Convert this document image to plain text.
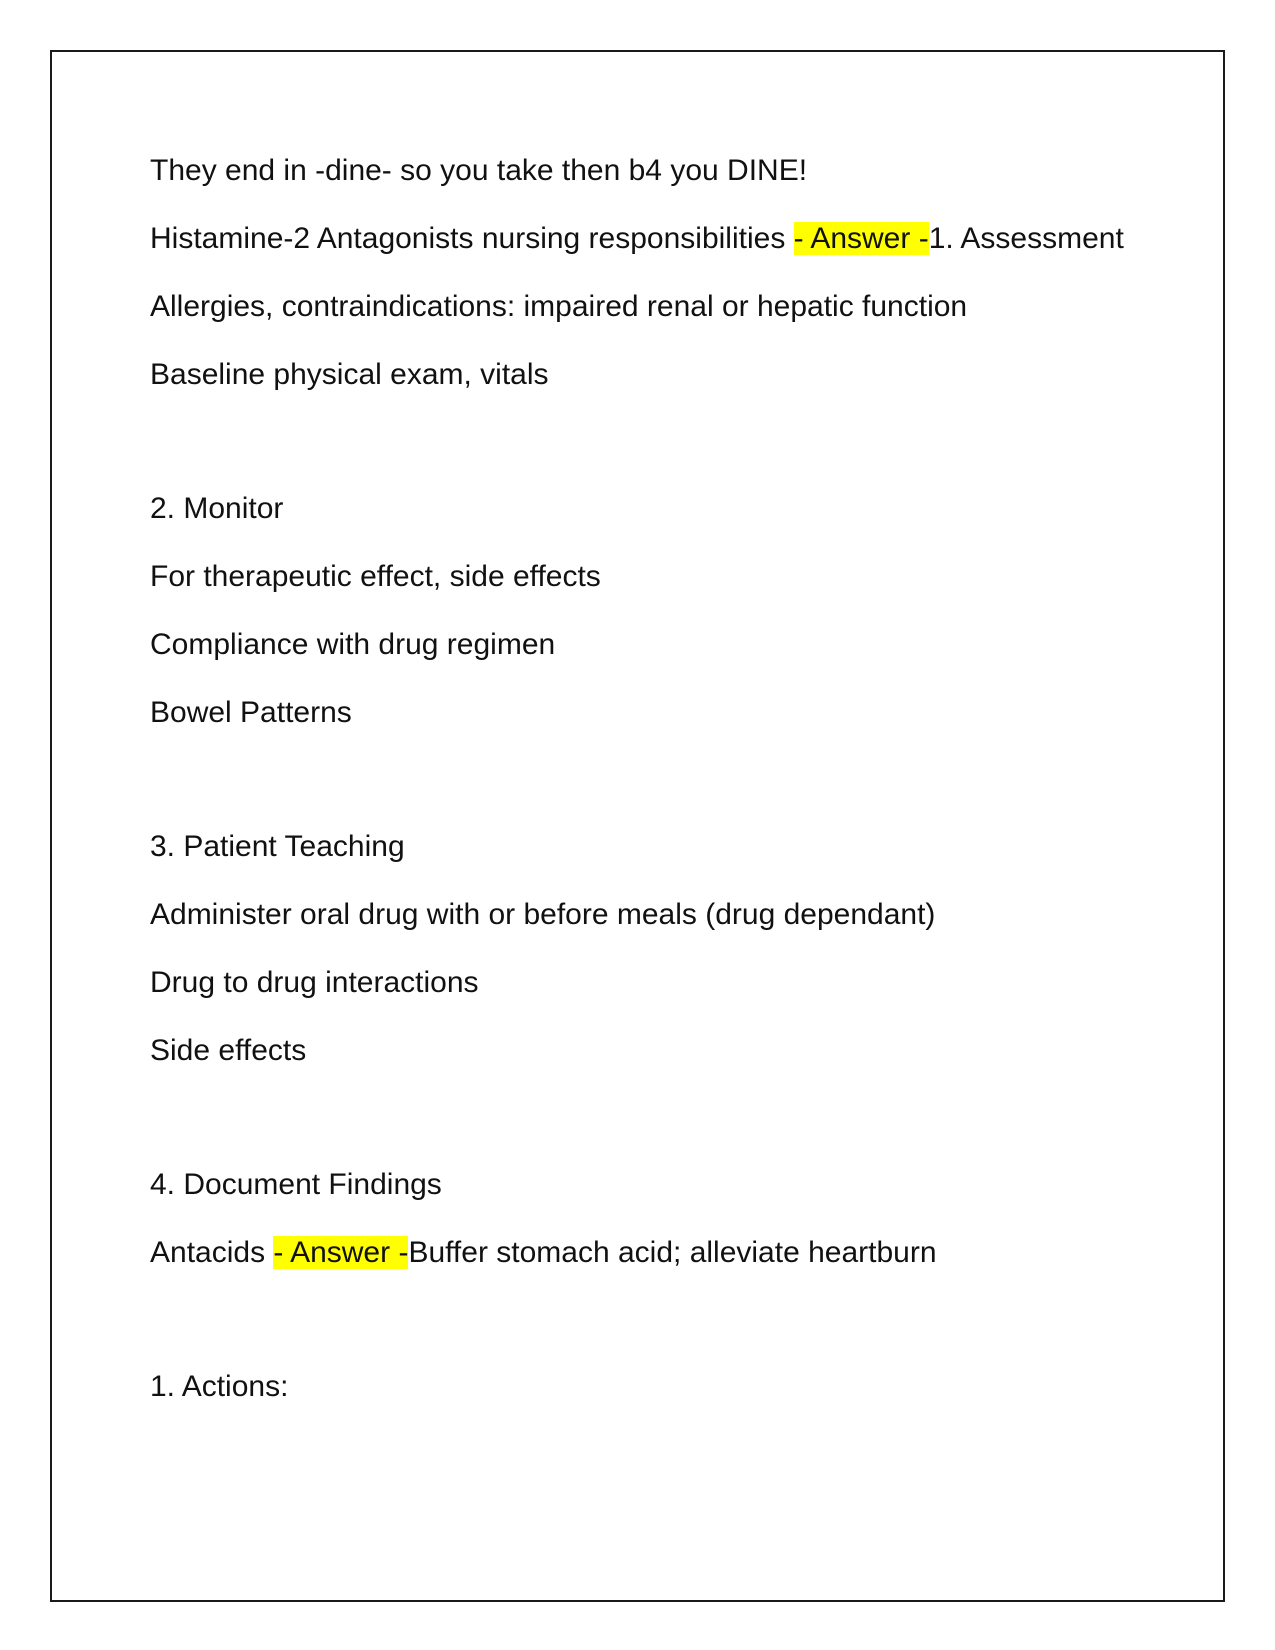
They end in -dine- so you take then b4 you DINE!

Histamine-2 Antagonists nursing responsibilities - Answer -1. Assessment

Allergies, contraindications: impaired renal or hepatic function

Baseline physical exam, vitals

2. Monitor

For therapeutic effect, side effects

Compliance with drug regimen

Bowel Patterns

3. Patient Teaching

Administer oral drug with or before meals (drug dependant)

Drug to drug interactions

Side effects

4. Document Findings

Antacids - Answer -Buffer stomach acid; alleviate heartburn

1. Actions:
